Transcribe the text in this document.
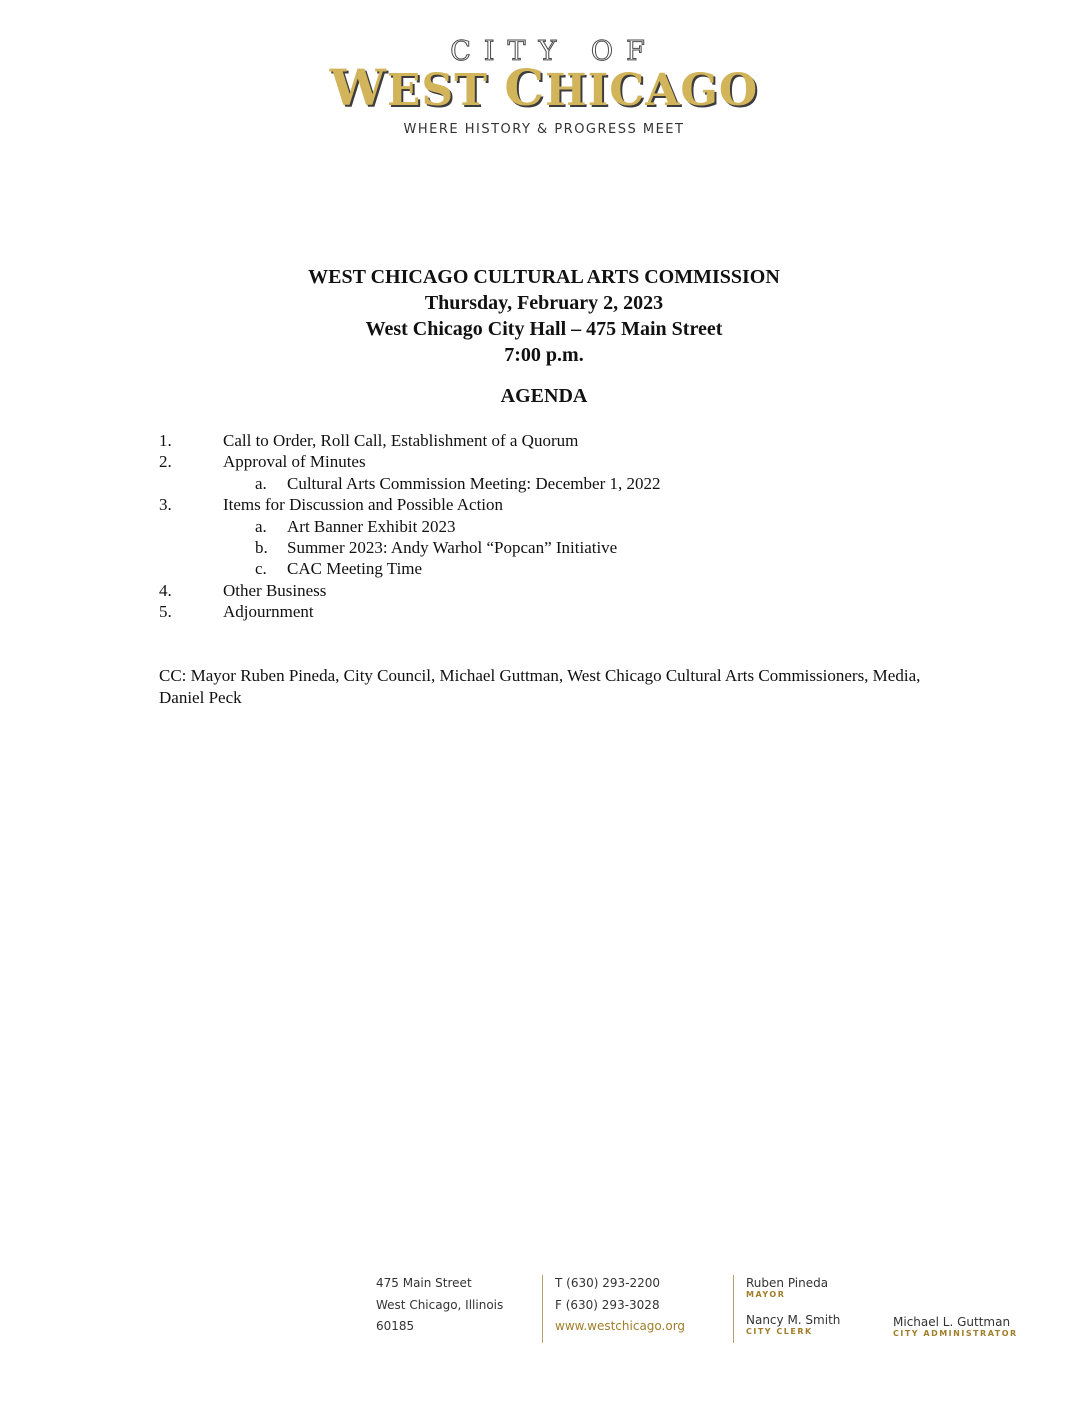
CITY OF
WEST CHICAGO
WHERE HISTORY & PROGRESS MEET
WEST CHICAGO CULTURAL ARTS COMMISSION
Thursday, February 2, 2023
West Chicago City Hall – 475 Main Street
7:00 p.m.
AGENDA
1.	Call to Order, Roll Call, Establishment of a Quorum
2.	Approval of Minutes
a. Cultural Arts Commission Meeting: December 1, 2022
3.	Items for Discussion and Possible Action
a. Art Banner Exhibit 2023
b. Summer 2023: Andy Warhol “Popcan” Initiative
c. CAC Meeting Time
4.	Other Business
5.	Adjournment
CC: Mayor Ruben Pineda, City Council, Michael Guttman, West Chicago Cultural Arts Commissioners, Media, Daniel Peck
475 Main Street
West Chicago, Illinois
60185
T (630) 293-2200
F (630) 293-3028
www.westchicago.org
Ruben Pineda
MAYOR
Nancy M. Smith
CITY CLERK
Michael L. Guttman
CITY ADMINISTRATOR
